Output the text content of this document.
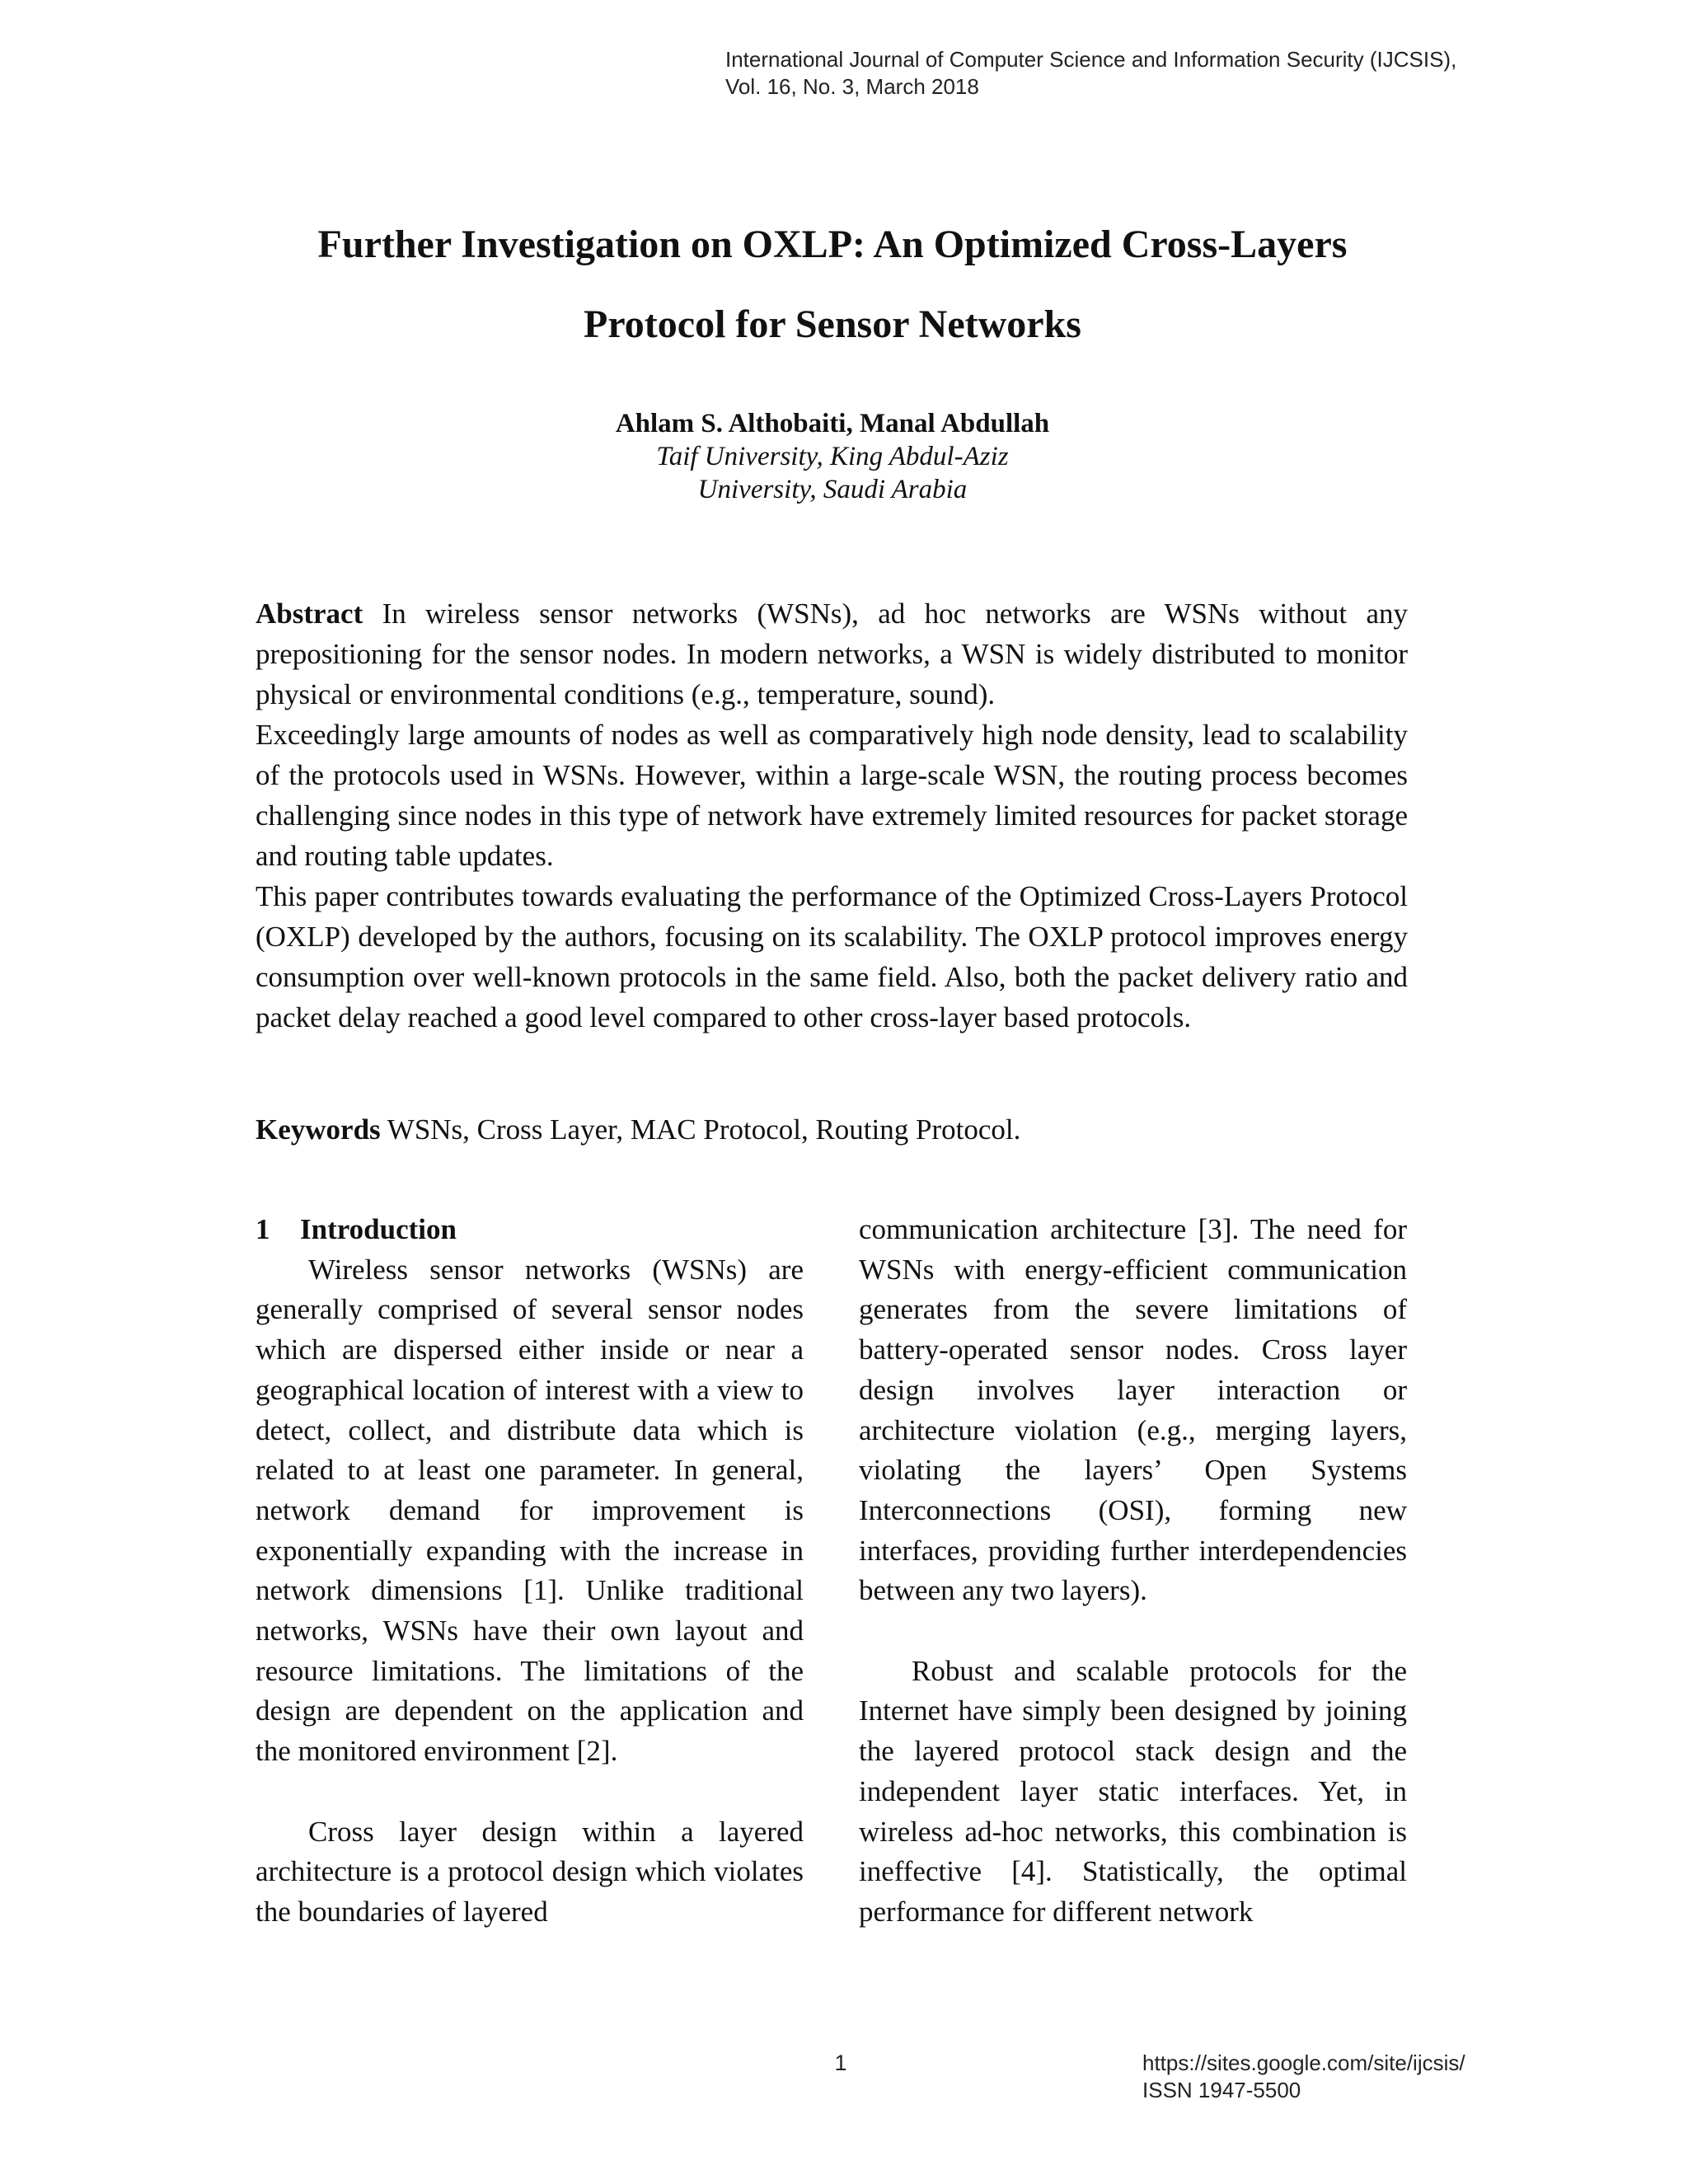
International Journal of Computer Science and Information Security (IJCSIS),
Vol. 16, No. 3, March 2018
Further Investigation on OXLP: An Optimized Cross-Layers
Protocol for Sensor Networks
Ahlam S. Althobaiti, Manal Abdullah
Taif University, King Abdul-Aziz
University, Saudi Arabia

Abstract In wireless sensor networks (WSNs), ad hoc networks are WSNs without any prepositioning for the sensor nodes. In modern networks, a WSN is widely distributed to monitor physical or environmental conditions (e.g., temperature, sound).

Exceedingly large amounts of nodes as well as comparatively high node density, lead to scalability of the protocols used in WSNs. However, within a large-scale WSN, the routing process becomes challenging since nodes in this type of network have extremely limited resources for packet storage and routing table updates.

This paper contributes towards evaluating the performance of the Optimized Cross-Layers Protocol (OXLP) developed by the authors, focusing on its scalability. The OXLP protocol improves energy consumption over well-known protocols in the same field. Also, both the packet delivery ratio and packet delay reached a good level compared to other cross-layer based protocols.

Keywords WSNs, Cross Layer, MAC Protocol, Routing Protocol.

1 Introduction

Wireless sensor networks (WSNs) are generally comprised of several sensor nodes which are dispersed either inside or near a geographical location of interest with a view to detect, collect, and distribute data which is related to at least one parameter. In general, network demand for improvement is exponentially expanding with the increase in network dimensions [1]. Unlike traditional networks, WSNs have their own layout and resource limitations. The limitations of the design are dependent on the application and the monitored environment [2].

Cross layer design within a layered architecture is a protocol design which violates the boundaries of layered

communication architecture [3]. The need for WSNs with energy-efficient communication generates from the severe limitations of battery-operated sensor nodes. Cross layer design involves layer interaction or architecture violation (e.g., merging layers, violating the layers’ Open Systems Interconnections (OSI), forming new interfaces, providing further interdependencies between any two layers).

Robust and scalable protocols for the Internet have simply been designed by joining the layered protocol stack design and the independent layer static interfaces. Yet, in wireless ad-hoc networks, this combination is ineffective [4]. Statistically, the optimal performance for different network

1	https://sites.google.com/site/ijcsis/
ISSN 1947-5500
